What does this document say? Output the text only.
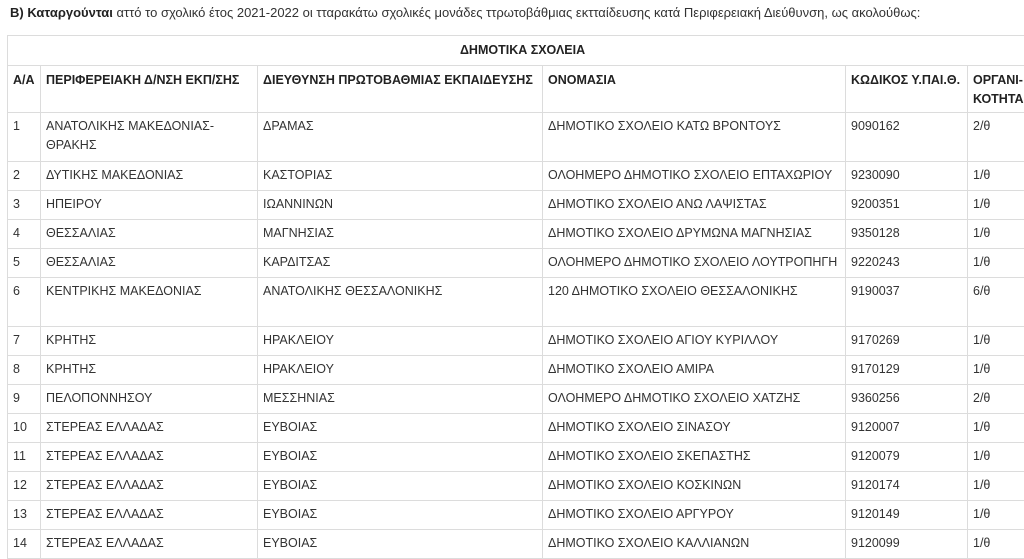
Β) Καταργούνται αττό το σχολικό έτος 2021-2022 οι τταρακάτω σχολικές μονάδες ττρωτοβάθμιας εκτταίδευσης κατά Περιφερειακή Διεύθυνση, ως ακολούθως:
ΔΗΜΟΤΙΚΑ ΣΧΟΛΕΙΑ					
Α/Α	ΠΕΡΙΦΕΡΕΙΑΚΗ Δ/ΝΣΗ ΕΚΠ/ΣΗΣ	ΔΙΕΥΘΥΝΣΗ ΠΡΩΤΟΒΑΘΜΙΑΣ ΕΚΠΑΙΔΕΥΣΗΣ	ΟΝΟΜΑΣΙΑ	ΚΩΔΙΚΟΣ Υ.ΠΑΙ.Θ.	ΟΡΓΑΝΙ-ΚΟΤΗΤΑ
1	ΑΝΑΤΟΛΙΚΗΣ ΜΑΚΕΔΟΝΙΑΣ-ΘΡΑΚΗΣ	ΔΡΑΜΑΣ	ΔΗΜΟΤΙΚΟ ΣΧΟΛΕΙΟ ΚΑΤΩ ΒΡΟΝΤΟΥΣ	9090162	2/θ
2	ΔΥΤΙΚΗΣ ΜΑΚΕΔΟΝΙΑΣ	ΚΑΣΤΟΡΙΑΣ	ΟΛΟΗΜΕΡΟ ΔΗΜΟΤΙΚΟ ΣΧΟΛΕΙΟ ΕΠΤΑΧΩΡΙΟΥ	9230090	1/θ
3	ΗΠΕΙΡΟΥ	ΙΩΑΝΝΙΝΩΝ	ΔΗΜΟΤΙΚΟ ΣΧΟΛΕΙΟ ΑΝΩ ΛΑΨΙΣΤΑΣ	9200351	1/θ
4	ΘΕΣΣΑΛΙΑΣ	ΜΑΓΝΗΣΙΑΣ	ΔΗΜΟΤΙΚΟ ΣΧΟΛΕΙΟ ΔΡΥΜΩΝΑ ΜΑΓΝΗΣΙΑΣ	9350128	1/θ
5	ΘΕΣΣΑΛΙΑΣ	ΚΑΡΔΙΤΣΑΣ	ΟΛΟΗΜΕΡΟ ΔΗΜΟΤΙΚΟ ΣΧΟΛΕΙΟ ΛΟΥΤΡΟΠΗΓΗ	9220243	1/θ
6	ΚΕΝΤΡΙΚΗΣ ΜΑΚΕΔΟΝΙΑΣ	ΑΝΑΤΟΛΙΚΗΣ ΘΕΣΣΑΛΟΝΙΚΗΣ	120 ΔΗΜΟΤΙΚΟ ΣΧΟΛΕΙΟ ΘΕΣΣΑΛΟΝΙΚΗΣ	9190037	6/θ
7	ΚΡΗΤΗΣ	ΗΡΑΚΛΕΙΟΥ	ΔΗΜΟΤΙΚΟ ΣΧΟΛΕΙΟ ΑΓΙΟΥ ΚΥΡΙΛΛΟΥ	9170269	1/θ
8	ΚΡΗΤΗΣ	ΗΡΑΚΛΕΙΟΥ	ΔΗΜΟΤΙΚΟ ΣΧΟΛΕΙΟ ΑΜΙΡΑ	9170129	1/θ
9	ΠΕΛΟΠΟΝΝΗΣΟΥ	ΜΕΣΣΗΝΙΑΣ	ΟΛΟΗΜΕΡΟ ΔΗΜΟΤΙΚΟ ΣΧΟΛΕΙΟ ΧΑΤΖΗΣ	9360256	2/θ
10	ΣΤΕΡΕΑΣ ΕΛΛΑΔΑΣ	ΕΥΒΟΙΑΣ	ΔΗΜΟΤΙΚΟ ΣΧΟΛΕΙΟ ΣΙΝΑΣΟΥ	9120007	1/θ
11	ΣΤΕΡΕΑΣ ΕΛΛΑΔΑΣ	ΕΥΒΟΙΑΣ	ΔΗΜΟΤΙΚΟ ΣΧΟΛΕΙΟ ΣΚΕΠΑΣΤΗΣ	9120079	1/θ
12	ΣΤΕΡΕΑΣ ΕΛΛΑΔΑΣ	ΕΥΒΟΙΑΣ	ΔΗΜΟΤΙΚΟ ΣΧΟΛΕΙΟ ΚΟΣΚΙΝΩΝ	9120174	1/θ
13	ΣΤΕΡΕΑΣ ΕΛΛΑΔΑΣ	ΕΥΒΟΙΑΣ	ΔΗΜΟΤΙΚΟ ΣΧΟΛΕΙΟ ΑΡΓΥΡΟΥ	9120149	1/θ
14	ΣΤΕΡΕΑΣ ΕΛΛΑΔΑΣ	ΕΥΒΟΙΑΣ	ΔΗΜΟΤΙΚΟ ΣΧΟΛΕΙΟ ΚΑΛΛΙΑΝΩΝ	9120099	1/θ
